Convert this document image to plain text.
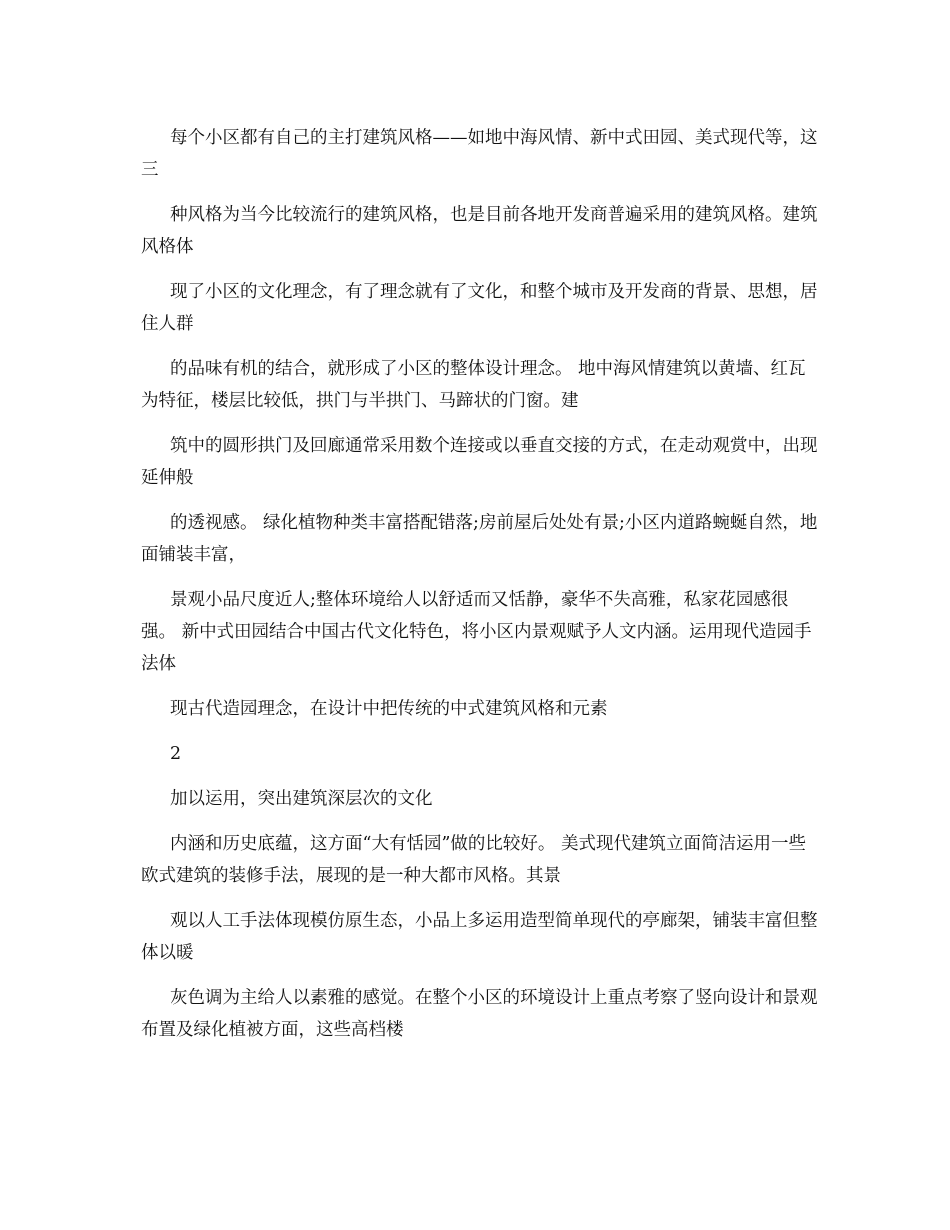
每个小区都有自己的主打建筑风格——如地中海风情、新中式田园、美式现代等，这三

种风格为当今比较流行的建筑风格，也是目前各地开发商普遍采用的建筑风格。建筑风格体

现了小区的文化理念，有了理念就有了文化，和整个城市及开发商的背景、思想，居住人群

的品味有机的结合，就形成了小区的整体设计理念。 地中海风情建筑以黄墙、红瓦为特征，楼层比较低，拱门与半拱门、马蹄状的门窗。建

筑中的圆形拱门及回廊通常采用数个连接或以垂直交接的方式，在走动观赏中，出现延伸般

的透视感。 绿化植物种类丰富搭配错落;房前屋后处处有景;小区内道路蜿蜒自然，地面铺装丰富，

景观小品尺度近人;整体环境给人以舒适而又恬静，豪华不失高雅，私家花园感很强。 新中式田园结合中国古代文化特色，将小区内景观赋予人文内涵。运用现代造园手法体

现古代造园理念，在设计中把传统的中式建筑风格和元素

2

加以运用，突出建筑深层次的文化

内涵和历史底蕴，这方面“大有恬园”做的比较好。 美式现代建筑立面简洁运用一些欧式建筑的装修手法，展现的是一种大都市风格。其景

观以人工手法体现模仿原生态，小品上多运用造型简单现代的亭廊架，铺装丰富但整体以暖

灰色调为主给人以素雅的感觉。在整个小区的环境设计上重点考察了竖向设计和景观布置及绿化植被方面，这些高档楼
